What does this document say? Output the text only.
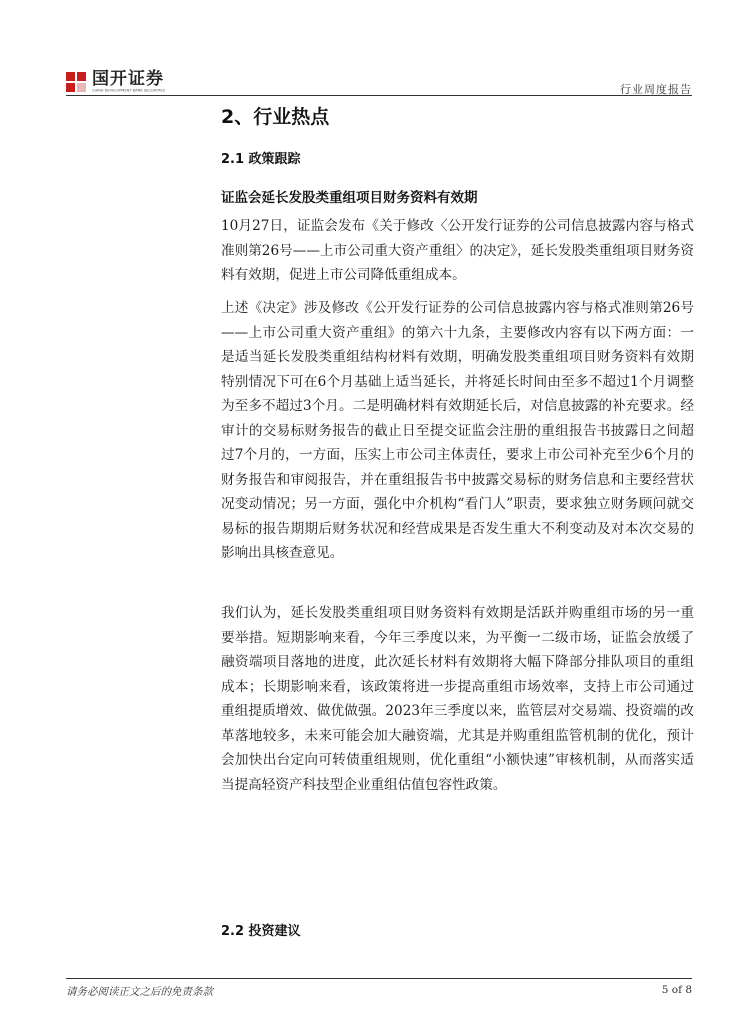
国开证券
CHINA DEVELOPMENT BANK SECURITIES	行业周度报告
2、行业热点
2.1 政策跟踪
证监会延长发股类重组项目财务资料有效期

10月27日，证监会发布《关于修改〈公开发行证券的公司信息披露内容与格式准则第26号——上市公司重大资产重组〉的决定》，延长发股类重组项目财务资料有效期，促进上市公司降低重组成本。

上述《决定》涉及修改《公开发行证券的公司信息披露内容与格式准则第26号——上市公司重大资产重组》的第六十九条，主要修改内容有以下两方面：一是适当延长发股类重组结构材料有效期，明确发股类重组项目财务资料有效期特别情况下可在6个月基础上适当延长，并将延长时间由至多不超过1个月调整为至多不超过3个月。二是明确材料有效期延长后，对信息披露的补充要求。经审计的交易标财务报告的截止日至提交证监会注册的重组报告书披露日之间超过7个月的，一方面，压实上市公司主体责任，要求上市公司补充至少6个月的财务报告和审阅报告，并在重组报告书中披露交易标的财务信息和主要经营状况变动情况；另一方面，强化中介机构“看门人”职责，要求独立财务顾问就交易标的报告期期后财务状况和经营成果是否发生重大不利变动及对本次交易的影响出具核查意见。

我们认为，延长发股类重组项目财务资料有效期是活跃并购重组市场的另一重要举措。短期影响来看，今年三季度以来，为平衡一二级市场，证监会放缓了融资端项目落地的进度，此次延长材料有效期将大幅下降部分排队项目的重组成本；长期影响来看，该政策将进一步提高重组市场效率，支持上市公司通过重组提质增效、做优做强。2023年三季度以来，监管层对交易端、投资端的改革落地较多，未来可能会加大融资端，尤其是并购重组监管机制的优化，预计会加快出台定向可转债重组规则，优化重组“小额快速”审核机制，从而落实适当提高轻资产科技型企业重组估值包容性政策。

2.2 投资建议
请务必阅读正文之后的免责条款	5 of 8
